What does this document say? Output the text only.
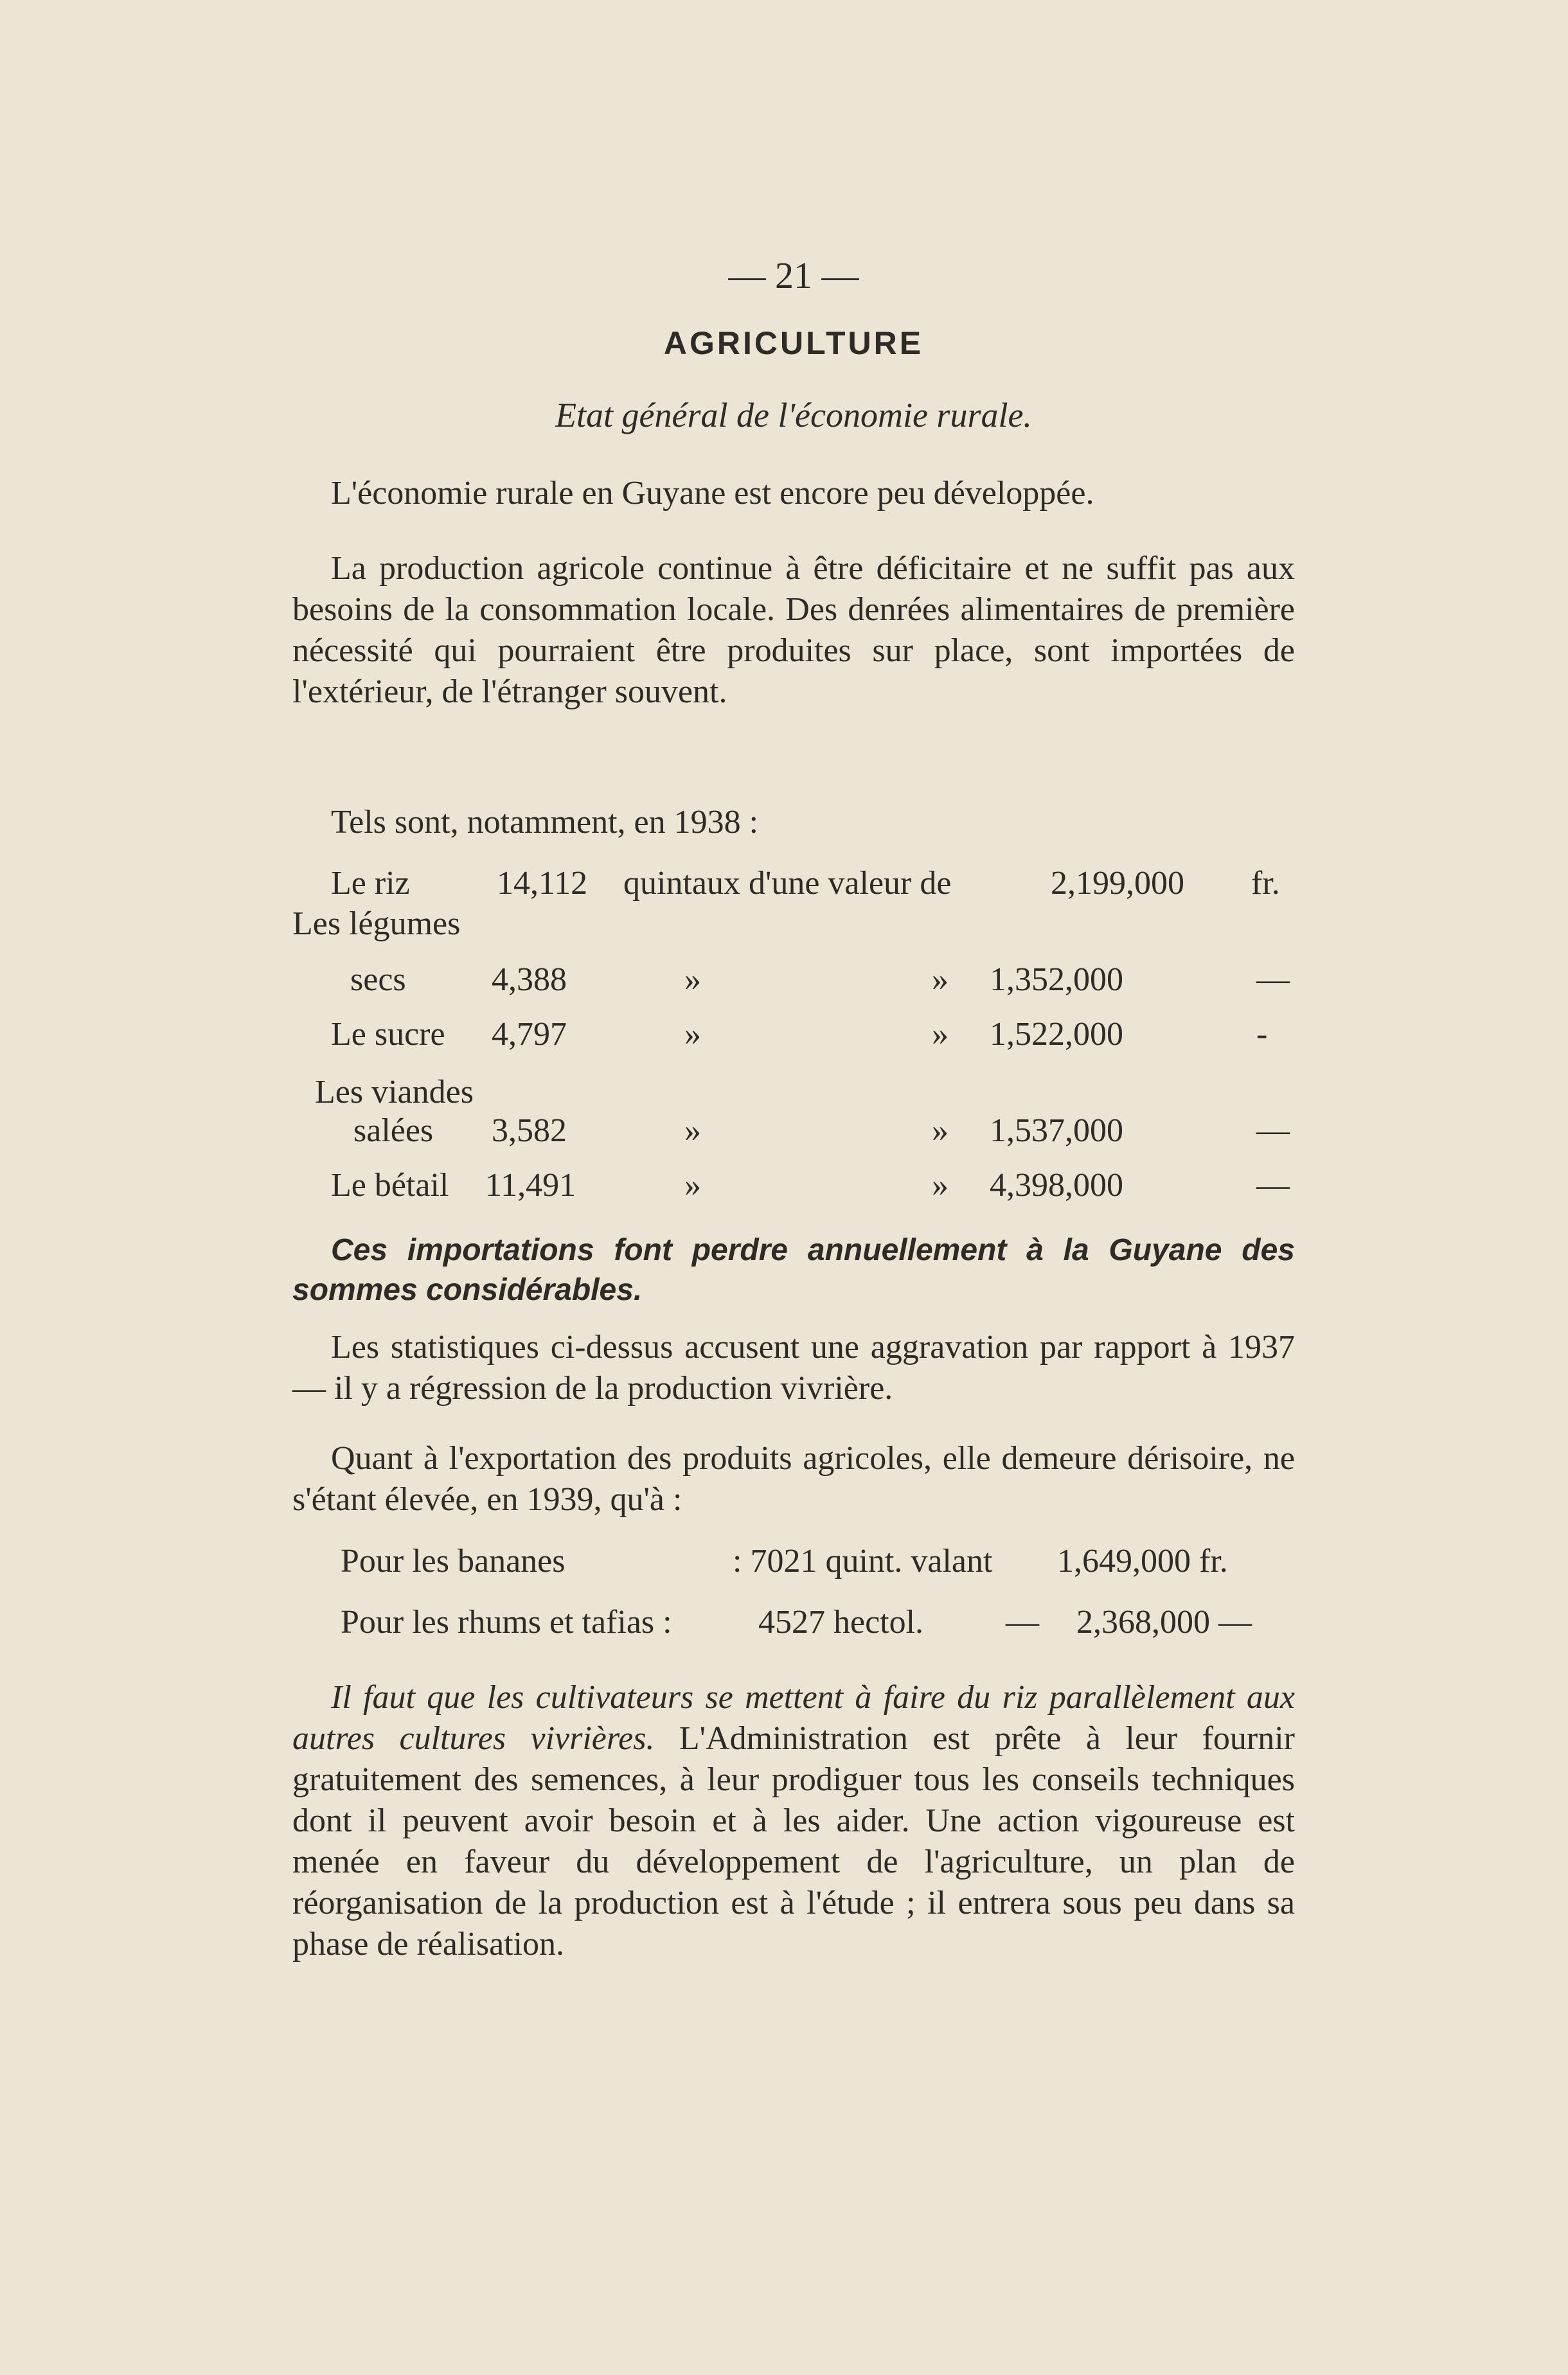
— 21 —
AGRICULTURE
Etat général de l'économie rurale.
L'économie rurale en Guyane est encore peu développée.
La production agricole continue à être déficitaire et ne suffit pas aux besoins de la consommation locale. Des denrées alimentaires de première nécessité qui pourraient être produites sur place, sont importées de l'extérieur, de l'étranger souvent.
Tels sont, notamment, en 1938 :
Le riz	14,112 quintaux d'une valeur de	2,199,000 fr.
Les légumes
secs	4,388	»	» 1,352,000	—
Le sucre 4,797	»	» 1,522,000	-
Les viandes
salées 3,582	»	» 1,537,000	—
Le bétail 11,491	»	» 4,398,000	—
Ces importations font perdre annuellement à la Guyane des sommes considérables.
Les statistiques ci-dessus accusent une aggravation par rapport à 1937 — il y a régression de la production vivrière.
Quant à l'exportation des produits agricoles, elle demeure dérisoire, ne s'étant élevée, en 1939, qu'à :
Pour les bananes	: 7021 quint. valant 1,649,000 fr.
Pour les rhums et tafias :	4527 hectol. — 2,368,000 —
Il faut que les cultivateurs se mettent à faire du riz parallèlement aux autres cultures vivrières. L'Administration est prête à leur fournir gratuitement des semences, à leur prodiguer tous les conseils techniques dont il peuvent avoir besoin et à les aider. Une action vigoureuse est menée en faveur du développement de l'agriculture, un plan de réorganisation de la production est à l'étude ; il entrera sous peu dans sa phase de réalisation.
